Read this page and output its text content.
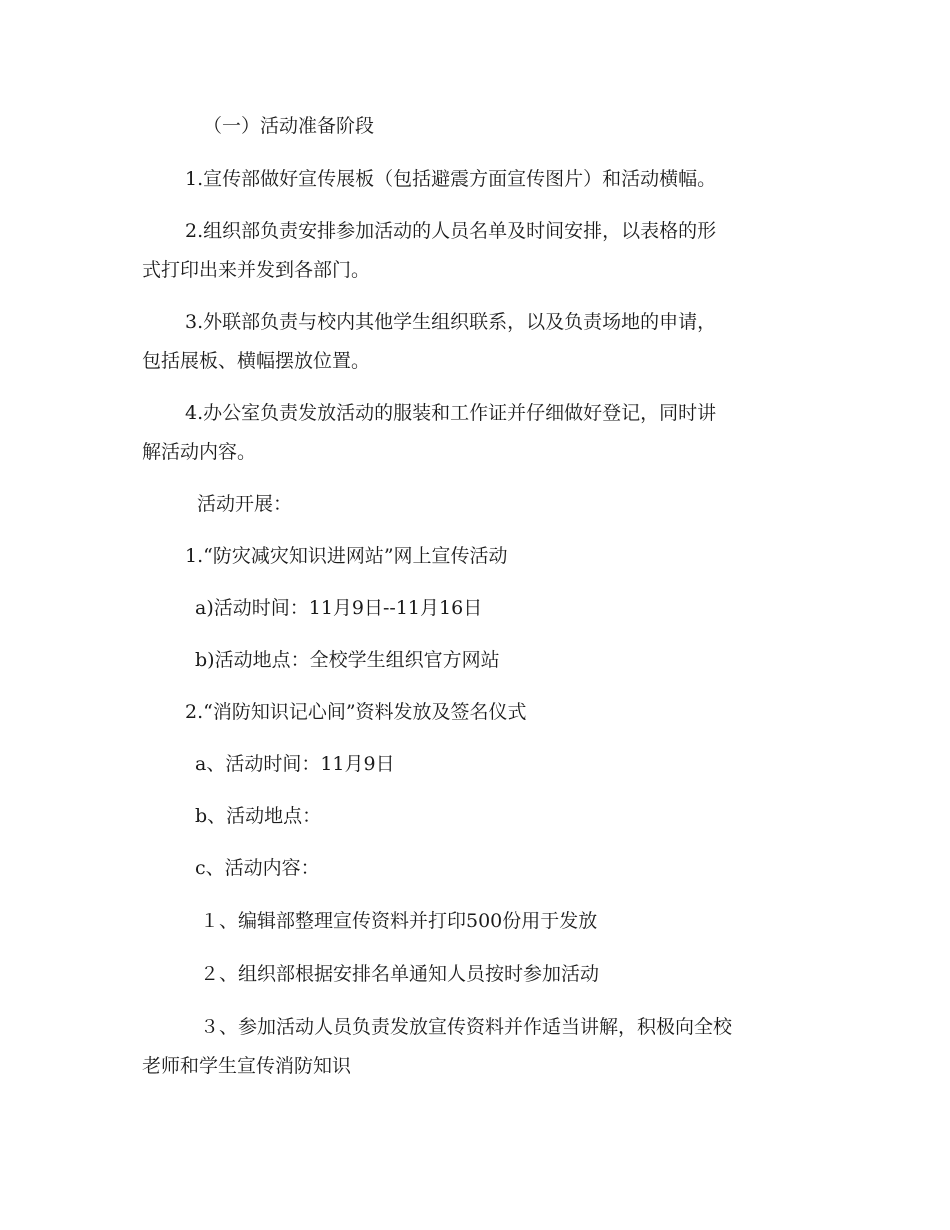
（一）活动准备阶段
1.宣传部做好宣传展板（包括避震方面宣传图片）和活动横幅。
2.组织部负责安排参加活动的人员名单及时间安排，以表格的形
式打印出来并发到各部门。
3.外联部负责与校内其他学生组织联系，以及负责场地的申请，
包括展板、横幅摆放位置。
4.办公室负责发放活动的服装和工作证并仔细做好登记，同时讲
解活动内容。
活动开展：
1.“防灾减灾知识进网站”网上宣传活动
a)活动时间：11月9日--11月16日
b)活动地点：全校学生组织官方网站
2.“消防知识记心间”资料发放及签名仪式
a、活动时间：11月9日
b、活动地点：
c、活动内容：
１、编辑部整理宣传资料并打印500份用于发放
２、组织部根据安排名单通知人员按时参加活动
３、参加活动人员负责发放宣传资料并作适当讲解，积极向全校
老师和学生宣传消防知识
